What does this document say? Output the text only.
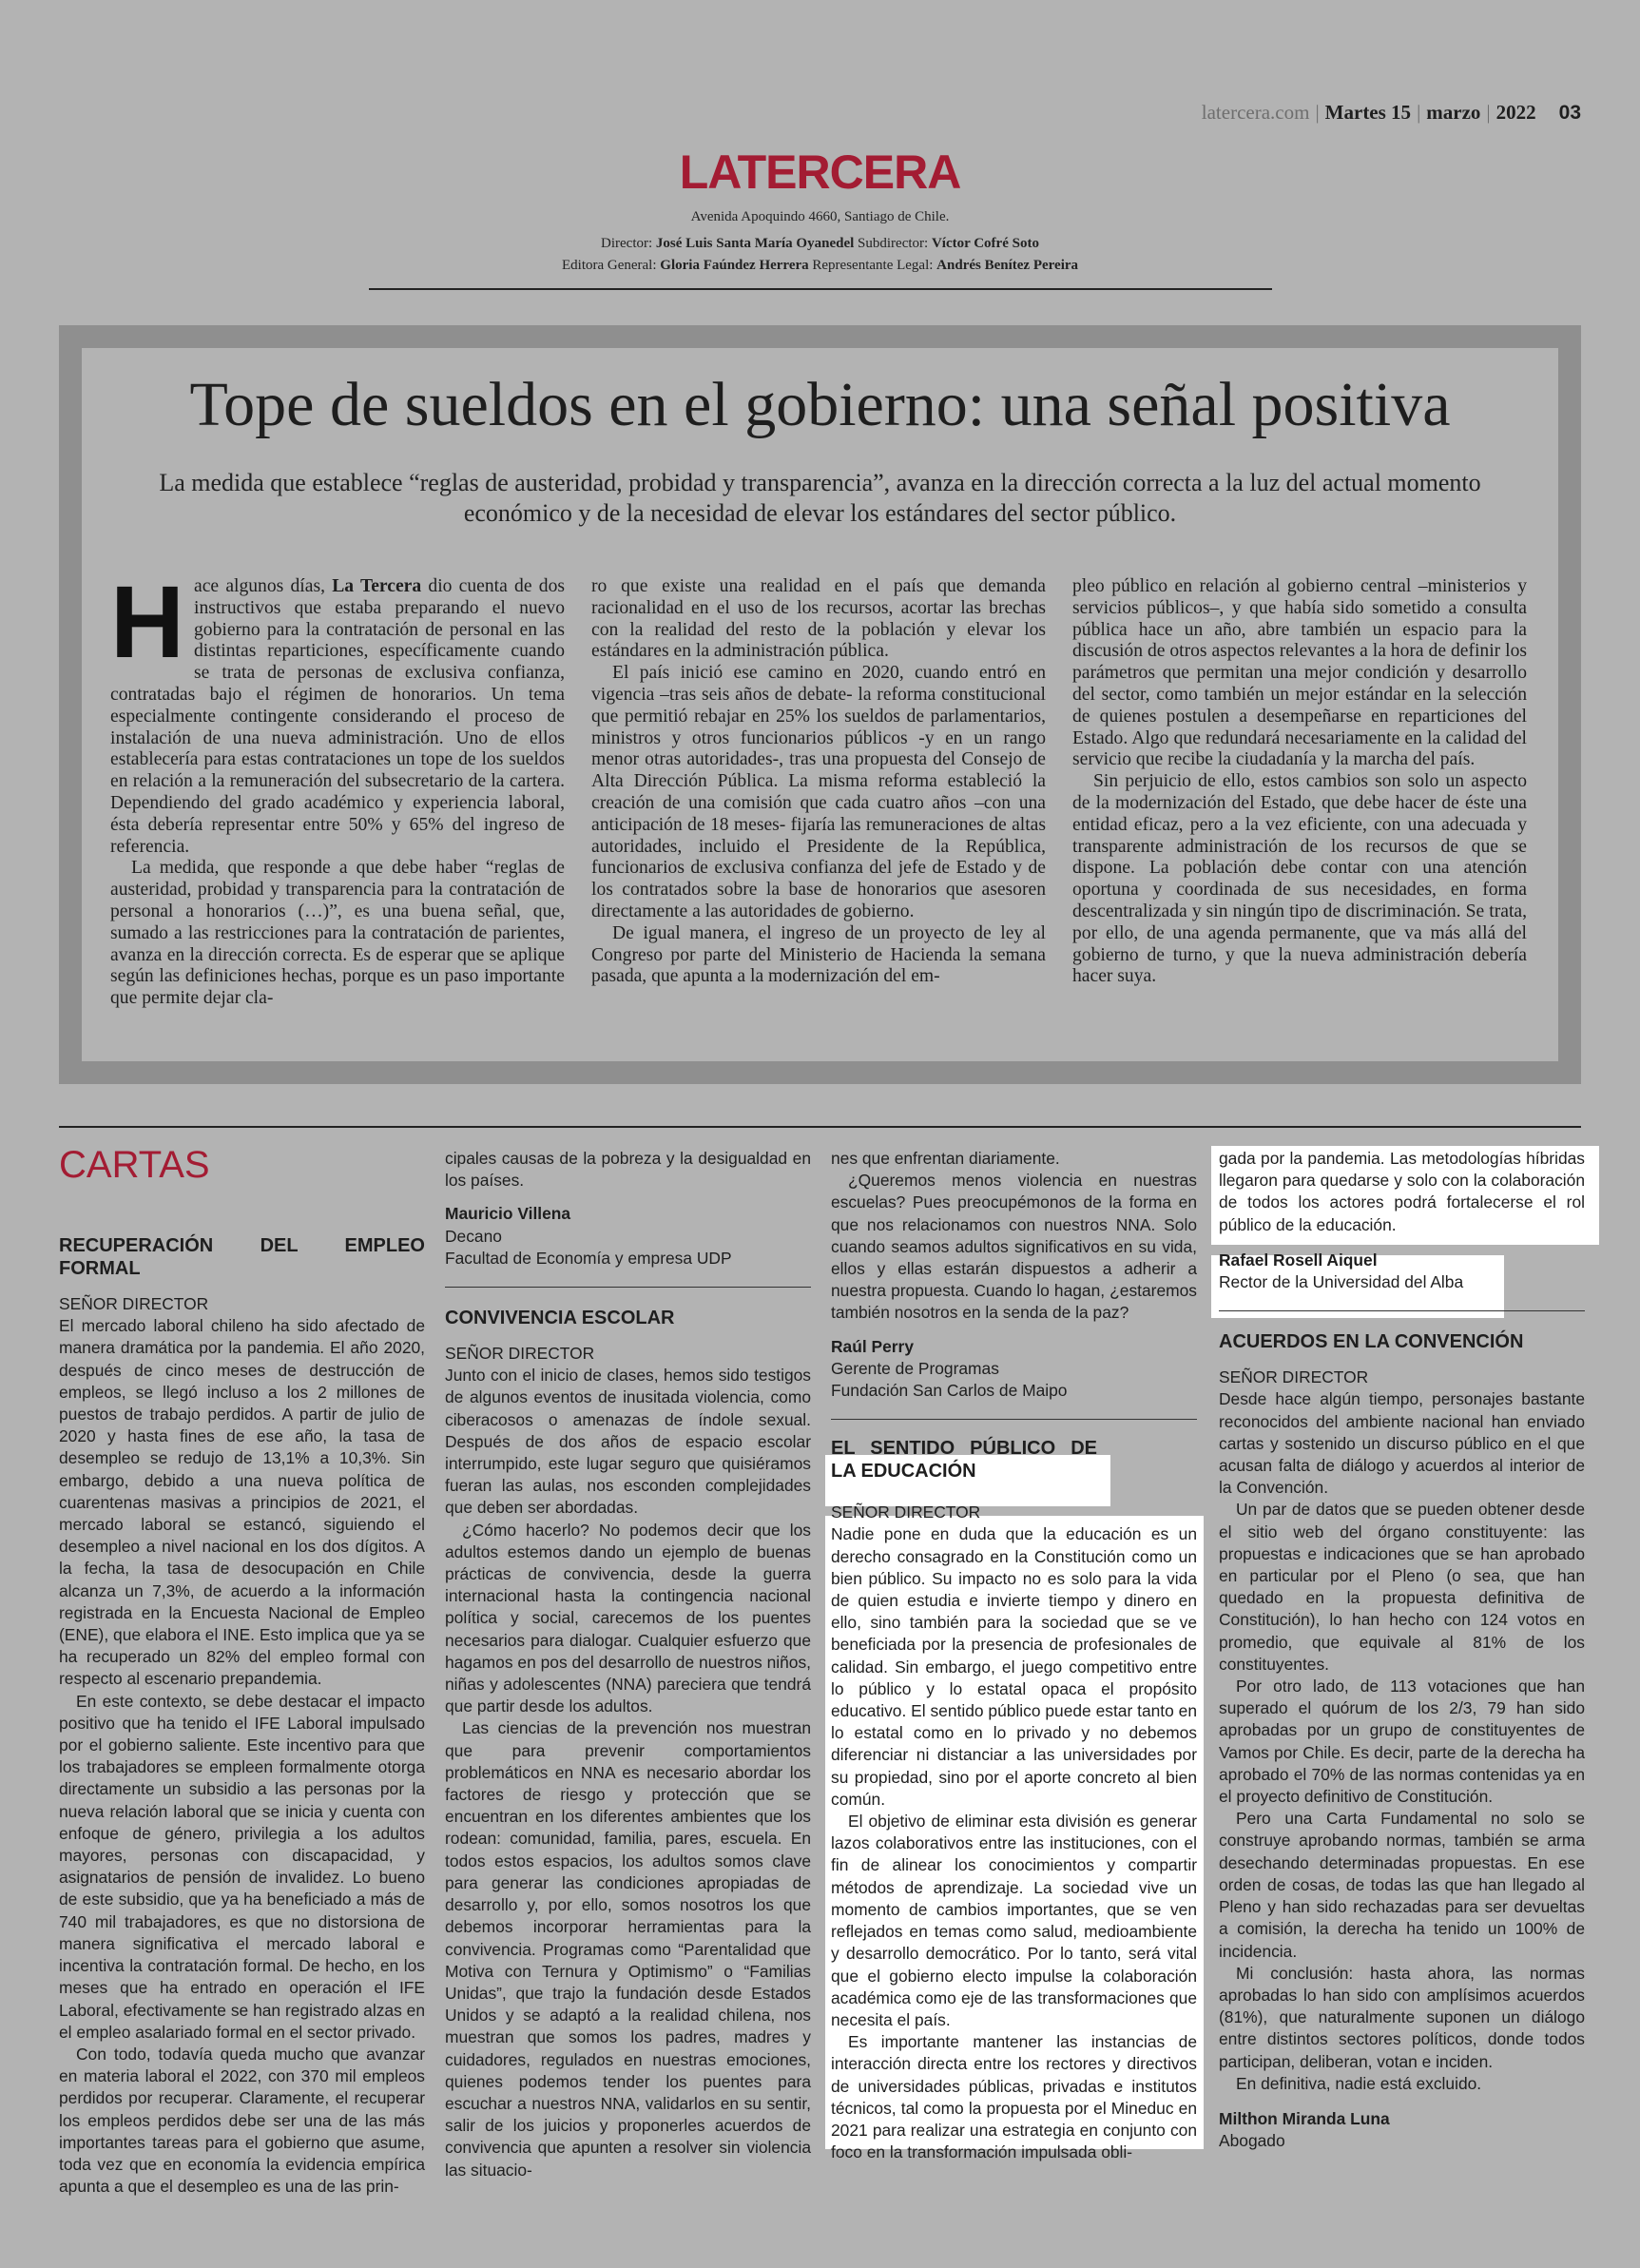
latercera.com | Martes 15 | marzo | 2022 03
LATERCERA
Avenida Apoquindo 4660, Santiago de Chile.
Director: José Luis Santa María Oyanedel Subdirector: Víctor Cofré Soto
Editora General: Gloria Faúndez Herrera Representante Legal: Andrés Benítez Pereira
Tope de sueldos en el gobierno: una señal positiva
La medida que establece “reglas de austeridad, probidad y transparencia”, avanza en la dirección correcta a la luz del actual momento económico y de la necesidad de elevar los estándares del sector público.

Hace algunos días, La Tercera dio cuenta de dos instructivos que estaba preparando el nuevo gobierno para la contratación de personal en las distintas reparticiones, específicamente cuando se trata de personas de exclusiva confianza, contratadas bajo el régimen de honorarios. Un tema especialmente contingente considerando el proceso de instalación de una nueva administración. Uno de ellos establecería para estas contrataciones un tope de los sueldos en relación a la remuneración del subsecretario de la cartera. Dependiendo del grado académico y experiencia laboral, ésta debería representar entre 50% y 65% del ingreso de referencia.

La medida, que responde a que debe haber “reglas de austeridad, probidad y transparencia para la contratación de personal a honorarios (…)”, es una buena señal, que, sumado a las restricciones para la contratación de parientes, avanza en la dirección correcta. Es de esperar que se aplique según las definiciones hechas, porque es un paso importante que permite dejar cla-

ro que existe una realidad en el país que demanda racionalidad en el uso de los recursos, acortar las brechas con la realidad del resto de la población y elevar los estándares en la administración pública.

El país inició ese camino en 2020, cuando entró en vigencia –tras seis años de debate- la reforma constitucional que permitió rebajar en 25% los sueldos de parlamentarios, ministros y otros funcionarios públicos -y en un rango menor otras autoridades-, tras una propuesta del Consejo de Alta Dirección Pública. La misma reforma estableció la creación de una comisión que cada cuatro años –con una anticipación de 18 meses- fijaría las remuneraciones de altas autoridades, incluido el Presidente de la República, funcionarios de exclusiva confianza del jefe de Estado y de los contratados sobre la base de honorarios que asesoren directamente a las autoridades de gobierno.

De igual manera, el ingreso de un proyecto de ley al Congreso por parte del Ministerio de Hacienda la semana pasada, que apunta a la modernización del em-

pleo público en relación al gobierno central –ministerios y servicios públicos–, y que había sido sometido a consulta pública hace un año, abre también un espacio para la discusión de otros aspectos relevantes a la hora de definir los parámetros que permitan una mejor condición y desarrollo del sector, como también un mejor estándar en la selección de quienes postulen a desempeñarse en reparticiones del Estado. Algo que redundará necesariamente en la calidad del servicio que recibe la ciudadanía y la marcha del país.

Sin perjuicio de ello, estos cambios son solo un aspecto de la modernización del Estado, que debe hacer de éste una entidad eficaz, pero a la vez eficiente, con una adecuada y transparente administración de los recursos de que se dispone. La población debe contar con una atención oportuna y coordinada de sus necesidades, en forma descentralizada y sin ningún tipo de discriminación. Se trata, por ello, de una agenda permanente, que va más allá del gobierno de turno, y que la nueva administración debería hacer suya.

CARTAS

RECUPERACIÓN DEL EMPLEO FORMAL

SEÑOR DIRECTOR

El mercado laboral chileno ha sido afectado de manera dramática por la pandemia. El año 2020, después de cinco meses de destrucción de empleos, se llegó incluso a los 2 millones de puestos de trabajo perdidos. A partir de julio de 2020 y hasta fines de ese año, la tasa de desempleo se redujo de 13,1% a 10,3%. Sin embargo, debido a una nueva política de cuarentenas masivas a principios de 2021, el mercado laboral se estancó, siguiendo el desempleo a nivel nacional en los dos dígitos. A la fecha, la tasa de desocupación en Chile alcanza un 7,3%, de acuerdo a la información registrada en la Encuesta Nacional de Empleo (ENE), que elabora el INE. Esto implica que ya se ha recuperado un 82% del empleo formal con respecto al escenario prepandemia.

En este contexto, se debe destacar el impacto positivo que ha tenido el IFE Laboral impulsado por el gobierno saliente. Este incentivo para que los trabajadores se empleen formalmente otorga directamente un subsidio a las personas por la nueva relación laboral que se inicia y cuenta con enfoque de género, privilegia a los adultos mayores, personas con discapacidad, y asignatarios de pensión de invalidez. Lo bueno de este subsidio, que ya ha beneficiado a más de 740 mil trabajadores, es que no distorsiona de manera significativa el mercado laboral e incentiva la contratación formal. De hecho, en los meses que ha entrado en operación el IFE Laboral, efectivamente se han registrado alzas en el empleo asalariado formal en el sector privado.

Con todo, todavía queda mucho que avanzar en materia laboral el 2022, con 370 mil empleos perdidos por recuperar. Claramente, el recuperar los empleos perdidos debe ser una de las más importantes tareas para el gobierno que asume, toda vez que en economía la evidencia empírica apunta a que el desempleo es una de las prin-

cipales causas de la pobreza y la desigualdad en los países.

Mauricio Villena

Decano

Facultad de Economía y empresa UDP

CONVIVENCIA ESCOLAR

SEÑOR DIRECTOR

Junto con el inicio de clases, hemos sido testigos de algunos eventos de inusitada violencia, como ciberacosos o amenazas de índole sexual. Después de dos años de espacio escolar interrumpido, este lugar seguro que quisiéramos fueran las aulas, nos esconden complejidades que deben ser abordadas.

¿Cómo hacerlo? No podemos decir que los adultos estemos dando un ejemplo de buenas prácticas de convivencia, desde la guerra internacional hasta la contingencia nacional política y social, carecemos de los puentes necesarios para dialogar. Cualquier esfuerzo que hagamos en pos del desarrollo de nuestros niños, niñas y adolescentes (NNA) pareciera que tendrá que partir desde los adultos.

Las ciencias de la prevención nos muestran que para prevenir comportamientos problemáticos en NNA es necesario abordar los factores de riesgo y protección que se encuentran en los diferentes ambientes que los rodean: comunidad, familia, pares, escuela. En todos estos espacios, los adultos somos clave para generar las condiciones apropiadas de desarrollo y, por ello, somos nosotros los que debemos incorporar herramientas para la convivencia. Programas como “Parentalidad que Motiva con Ternura y Optimismo” o “Familias Unidas”, que trajo la fundación desde Estados Unidos y se adaptó a la realidad chilena, nos muestran que somos los padres, madres y cuidadores, regulados en nuestras emociones, quienes podemos tender los puentes para escuchar a nuestros NNA, validarlos en su sentir, salir de los juicios y proponerles acuerdos de convivencia que apunten a resolver sin violencia las situacio-

nes que enfrentan diariamente.

¿Queremos menos violencia en nuestras escuelas? Pues preocupémonos de la forma en que nos relacionamos con nuestros NNA. Solo cuando seamos adultos significativos en su vida, ellos y ellas estarán dispuestos a adherir a nuestra propuesta. Cuando lo hagan, ¿estaremos también nosotros en la senda de la paz?

Raúl Perry

Gerente de Programas

Fundación San Carlos de Maipo

EL SENTIDO PÚBLICO DE LA EDUCACIÓN

SEÑOR DIRECTOR

Nadie pone en duda que la educación es un derecho consagrado en la Constitución como un bien público. Su impacto no es solo para la vida de quien estudia e invierte tiempo y dinero en ello, sino también para la sociedad que se ve beneficiada por la presencia de profesionales de calidad. Sin embargo, el juego competitivo entre lo público y lo estatal opaca el propósito educativo. El sentido público puede estar tanto en lo estatal como en lo privado y no debemos diferenciar ni distanciar a las universidades por su propiedad, sino por el aporte concreto al bien común.

El objetivo de eliminar esta división es generar lazos colaborativos entre las instituciones, con el fin de alinear los conocimientos y compartir métodos de aprendizaje. La sociedad vive un momento de cambios importantes, que se ven reflejados en temas como salud, medioambiente y desarrollo democrático. Por lo tanto, será vital que el gobierno electo impulse la colaboración académica como eje de las transformaciones que necesita el país.

Es importante mantener las instancias de interacción directa entre los rectores y directivos de universidades públicas, privadas e institutos técnicos, tal como la propuesta por el Mineduc en 2021 para realizar una estrategia en conjunto con foco en la transformación impulsada obli-

gada por la pandemia. Las metodologías híbridas llegaron para quedarse y solo con la colaboración de todos los actores podrá fortalecerse el rol público de la educación.

Rafael Rosell Aiquel

Rector de la Universidad del Alba

ACUERDOS EN LA CONVENCIÓN

SEÑOR DIRECTOR

Desde hace algún tiempo, personajes bastante reconocidos del ambiente nacional han enviado cartas y sostenido un discurso público en el que acusan falta de diálogo y acuerdos al interior de la Convención.

Un par de datos que se pueden obtener desde el sitio web del órgano constituyente: las propuestas e indicaciones que se han aprobado en particular por el Pleno (o sea, que han quedado en la propuesta definitiva de Constitución), lo han hecho con 124 votos en promedio, que equivale al 81% de los constituyentes.

Por otro lado, de 113 votaciones que han superado el quórum de los 2/3, 79 han sido aprobadas por un grupo de constituyentes de Vamos por Chile. Es decir, parte de la derecha ha aprobado el 70% de las normas contenidas ya en el proyecto definitivo de Constitución.

Pero una Carta Fundamental no solo se construye aprobando normas, también se arma desechando determinadas propuestas. En ese orden de cosas, de todas las que han llegado al Pleno y han sido rechazadas para ser devueltas a comisión, la derecha ha tenido un 100% de incidencia.

Mi conclusión: hasta ahora, las normas aprobadas lo han sido con amplísimos acuerdos (81%), que naturalmente suponen un diálogo entre distintos sectores políticos, donde todos participan, deliberan, votan e inciden.

En definitiva, nadie está excluido.

Milthon Miranda Luna

Abogado
